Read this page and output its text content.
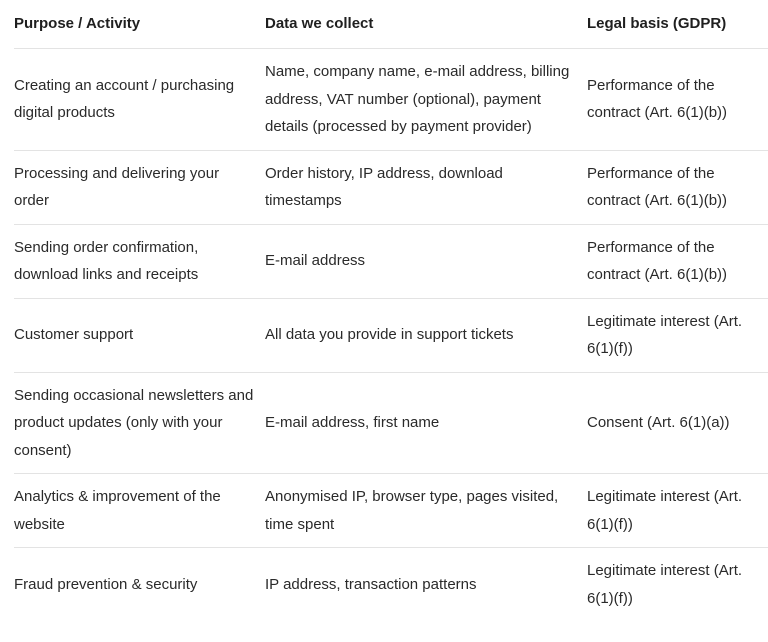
Purpose / Activity	Data we collect	Legal basis (GDPR)
Creating an account / purchasing digital products	Name, company name, e-mail address, billing address, VAT number (optional), payment details (processed by payment provider)	Performance of the contract (Art. 6(1)(b))
Processing and delivering your order	Order history, IP address, download timestamps	Performance of the contract (Art. 6(1)(b))
Sending order confirmation, download links and receipts	E-mail address	Performance of the contract (Art. 6(1)(b))
Customer support	All data you provide in support tickets	Legitimate interest (Art. 6(1)(f))
Sending occasional newsletters and product updates (only with your consent)	E-mail address, first name	Consent (Art. 6(1)(a))
Analytics & improvement of the website	Anonymised IP, browser type, pages visited, time spent	Legitimate interest (Art. 6(1)(f))
Fraud prevention & security	IP address, transaction patterns	Legitimate interest (Art. 6(1)(f))
